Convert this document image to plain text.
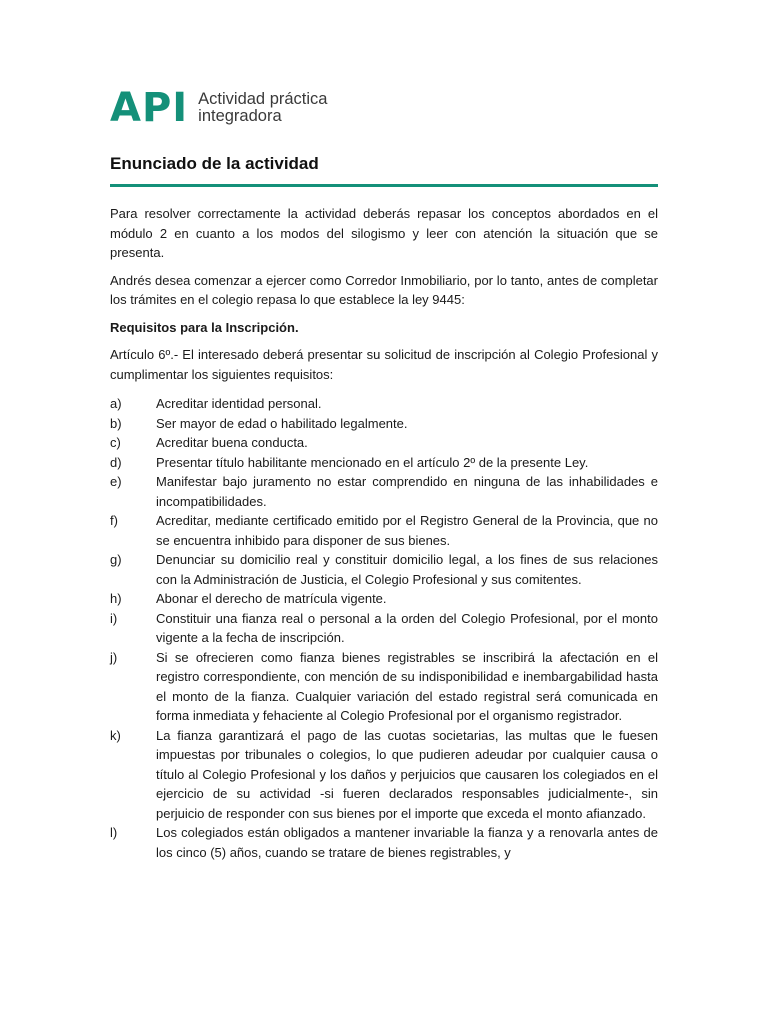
API Actividad práctica
integradora
Enunciado de la actividad

Para resolver correctamente la actividad deberás repasar los conceptos abordados en el módulo 2 en cuanto a los modos del silogismo y leer con atención la situación que se presenta.

Andrés desea comenzar a ejercer como Corredor Inmobiliario, por lo tanto, antes de completar los trámites en el colegio repasa lo que establece la ley 9445:

Requisitos para la Inscripción.

Artículo 6º.- El interesado deberá presentar su solicitud de inscripción al Colegio Profesional y cumplimentar los siguientes requisitos:

a)	Acreditar identidad personal.
b)	Ser mayor de edad o habilitado legalmente.
c)	Acreditar buena conducta.
d)	Presentar título habilitante mencionado en el artículo 2º de la presente Ley.
e)	Manifestar bajo juramento no estar comprendido en ninguna de las inhabilidades e incompatibilidades.
f)	Acreditar, mediante certificado emitido por el Registro General de la Provincia, que no se encuentra inhibido para disponer de sus bienes.
g)	Denunciar su domicilio real y constituir domicilio legal, a los fines de sus relaciones con la Administración de Justicia, el Colegio Profesional y sus comitentes.
h)	Abonar el derecho de matrícula vigente.
i)	Constituir una fianza real o personal a la orden del Colegio Profesional, por el monto vigente a la fecha de inscripción.
j)	Si se ofrecieren como fianza bienes registrables se inscribirá la afectación en el registro correspondiente, con mención de su indisponibilidad e inembargabilidad hasta el monto de la fianza. Cualquier variación del estado registral será comunicada en forma inmediata y fehaciente al Colegio Profesional por el organismo registrador.
k)	La fianza garantizará el pago de las cuotas societarias, las multas que le fuesen impuestas por tribunales o colegios, lo que pudieren adeudar por cualquier causa o título al Colegio Profesional y los daños y perjuicios que causaren los colegiados en el ejercicio de su actividad -si fueren declarados responsables judicialmente-, sin perjuicio de responder con sus bienes por el importe que exceda el monto afianzado.
l)	Los colegiados están obligados a mantener invariable la fianza y a renovarla antes de los cinco (5) años, cuando se tratare de bienes registrables, y
